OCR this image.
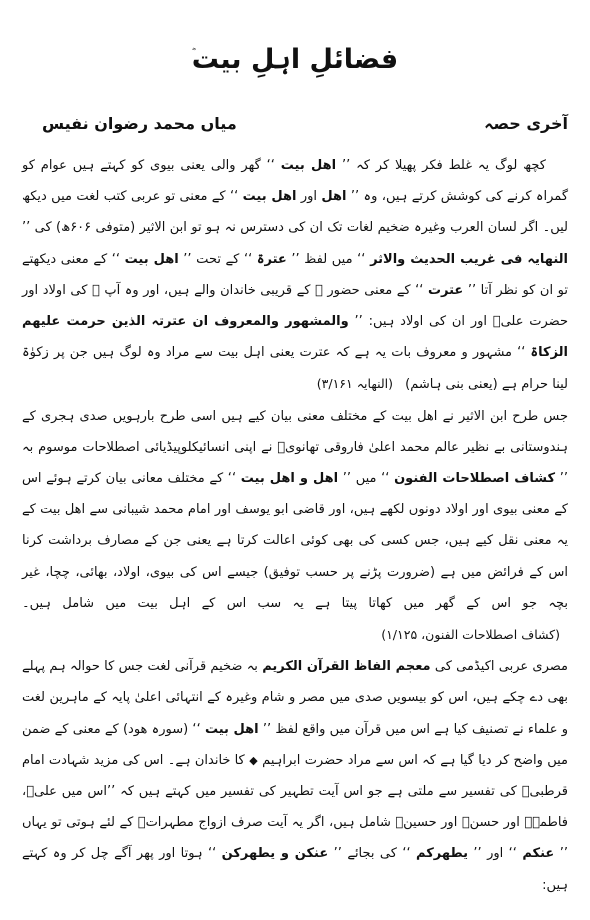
فضائلِ اہلِ بیت
آخری حصہ
میاں محمد رضوان نفیس

کچھ لوگ یہ غلط فکر پھیلا کر کہ ’’ اھل بیت ‘‘ گھر والی یعنی بیوی کو کہتے ہیں عوام کو گمراہ کرنے کی کوشش کرتے ہیں، وہ ’’ اھل اور اھل بیت ‘‘ کے معنی تو عربی کتب لغت میں دیکھ لیں۔ اگر لسان العرب وغیرہ ضخیم لغات تک ان کی دسترس نہ ہو تو ابن الاثیر (متوفی ۶۰۶ھ) کی ’’ النھایہ فی غریب الحدیث والاثر ‘‘ میں لفظ ’’ عترۃ ‘‘ کے تحت ’’ اھل بیت ‘‘ کے معنی دیکھتے تو ان کو نظر آتا ’’ عترت ‘‘ کے معنی حضور ﷺ کے قریبی خاندان والے ہیں، اور وہ آپ ﷺ کی اولاد اور حضرت علیؓ اور ان کی اولاد ہیں: ’’ والمشھور والمعروف ان عترتہ الذین حرمت علیھم الزکاۃ ‘‘ مشہور و معروف بات یہ ہے کہ عترت یعنی اہل بیت سے مراد وہ لوگ ہیں جن پر زکوٰۃ لینا حرام ہے (یعنی بنی ہاشم) (النھایہ ۳/۱۶۱)

جس طرح ابن الاثیر نے اھل بیت کے مختلف معنی بیان کیے ہیں اسی طرح بارہویں صدی ہجری کے ہندوستانی بے نظیر عالم محمد اعلیٰ فاروقی تھانویؒ نے اپنی انسائیکلوپیڈیائی اصطلاحات موسوم بہ ’’ کشاف اصطلاحات الفنون ‘‘ میں ’’ اھل و اھل بیت ‘‘ کے مختلف معانی بیان کرتے ہوئے اس کے معنی بیوی اور اولاد دونوں لکھے ہیں، اور قاضی ابو یوسف اور امام محمد شیبانی سے اھل بیت کے یہ معنی نقل کیے ہیں، جس کسی کی بھی کوئی اعالت کرتا ہے یعنی جن کے مصارف برداشت کرنا اس کے فرائض میں ہے (ضرورت پڑنے پر حسب توفیق) جیسے اس کی بیوی، اولاد، بھائی، چچا، غیر بچہ جو اس کے گھر میں کھاتا پیتا ہے یہ سب اس کے اہل بیت میں شامل ہیں۔ (کشاف اصطلاحات الفنون، ۱/۱۲۵)

مصری عربی اکیڈمی کی معجم الفاظ القرآن الکریم بہ ضخیم قرآنی لغت جس کا حوالہ ہم پہلے بھی دے چکے ہیں، اس کو بیسویں صدی میں مصر و شام وغیرہ کے انتہائی اعلیٰ پایہ کے ماہرین لغت و علماء نے تصنیف کیا ہے اس میں قرآن میں واقع لفظ ’’ اھل بیت ‘‘ (سورہ ھود) کے معنی کے ضمن میں واضح کر دیا گیا ہے کہ اس سے مراد حضرت ابراہیم ◆ کا خاندان ہے۔ اس کی مزید شہادت امام قرطبیؒ کی تفسیر سے ملتی ہے جو اس آیت تطہیر کی تفسیر میں کہتے ہیں کہ ’’اس میں علیؓ، فاطمہؓ اور حسنؓ اور حسینؓ شامل ہیں، اگر یہ آیت صرف ازواج مطہراتؓ کے لئے ہوتی تو یہاں ’’ عنکم ‘‘ اور ’’ یطھرکم ‘‘ کی بجائے ’’ عنکن و یطھرکن ‘‘ ہوتا اور پھر آگے چل کر وہ کہتے ہیں:
